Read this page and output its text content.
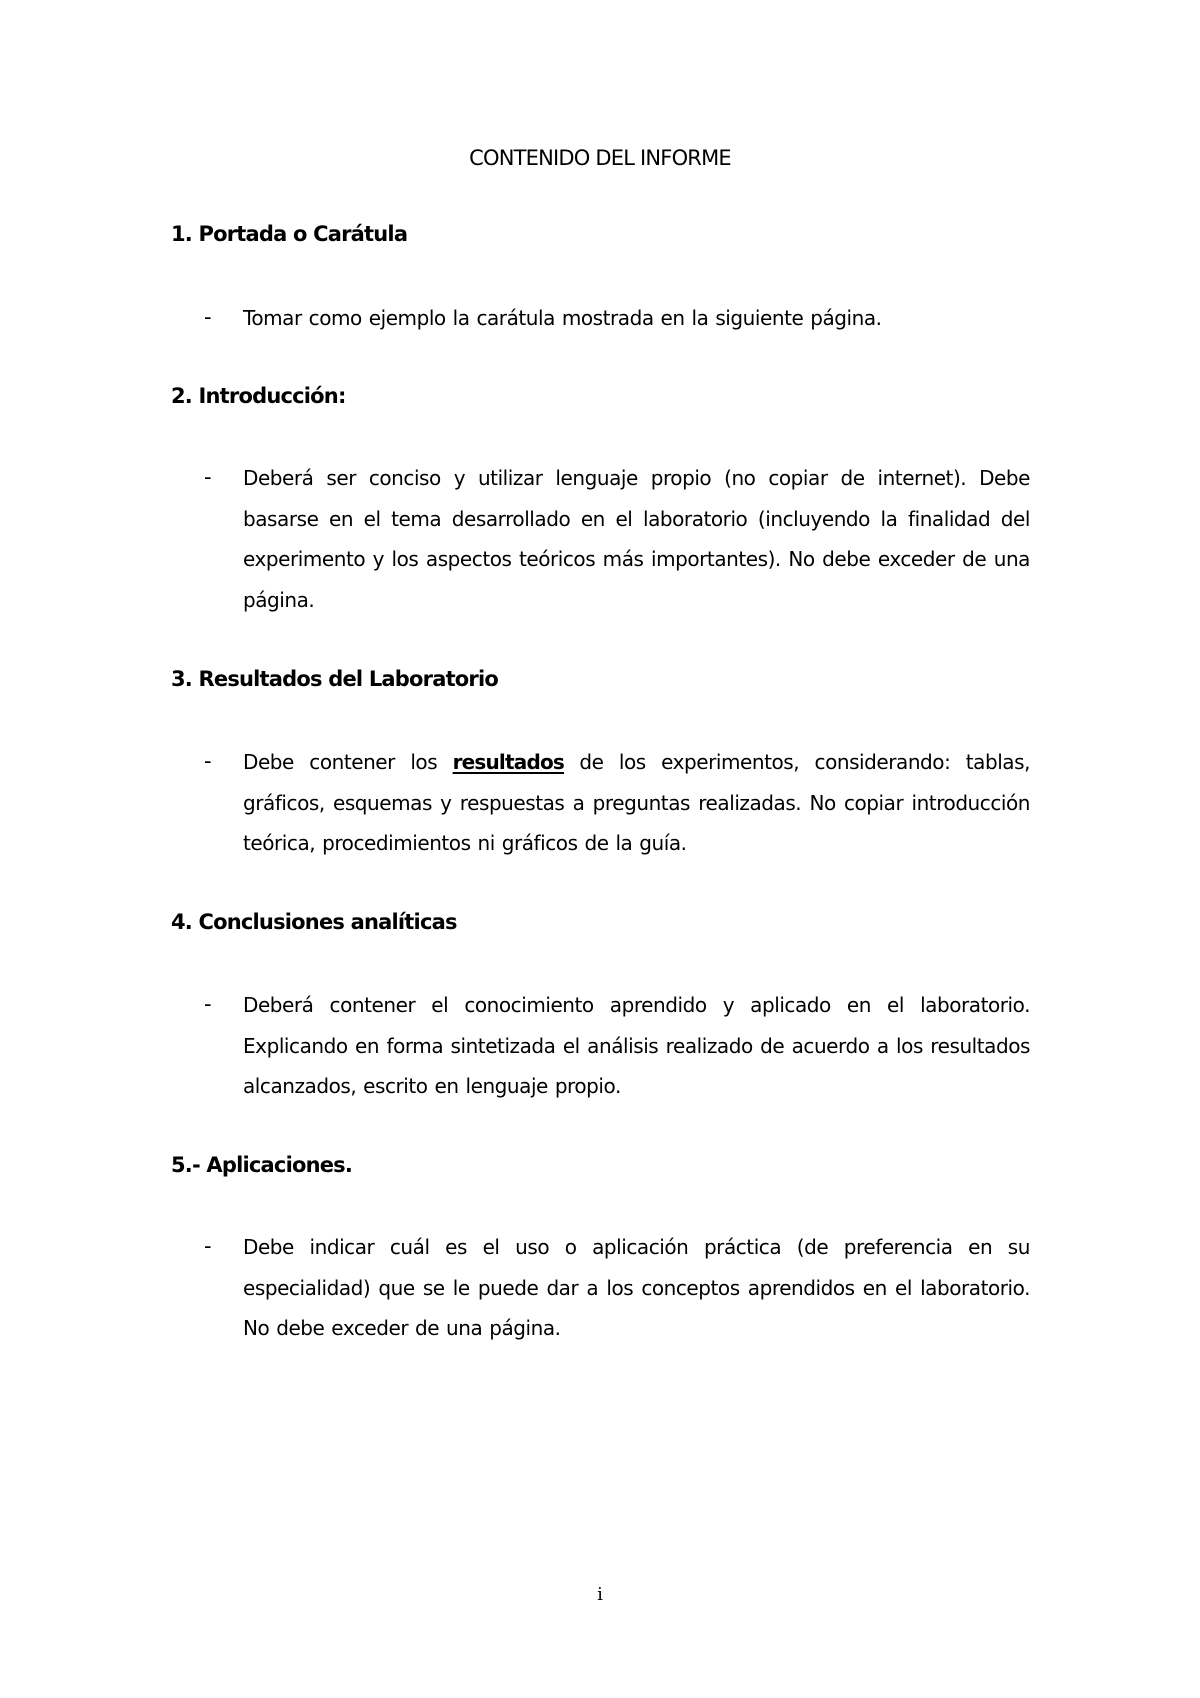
CONTENIDO DEL INFORME
1. Portada o Carátula
- Tomar como ejemplo la carátula mostrada en la siguiente página.
2. Introducción:
- Deberá ser conciso y utilizar lenguaje propio (no copiar de internet). Debe basarse en el tema desarrollado en el laboratorio (incluyendo la finalidad del experimento y los aspectos teóricos más importantes). No debe exceder de una página.
3. Resultados del Laboratorio
- Debe contener los resultados de los experimentos, considerando: tablas, gráficos, esquemas y respuestas a preguntas realizadas. No copiar introducción teórica, procedimientos ni gráficos de la guía.
4. Conclusiones analíticas
- Deberá contener el conocimiento aprendido y aplicado en el laboratorio. Explicando en forma sintetizada el análisis realizado de acuerdo a los resultados alcanzados, escrito en lenguaje propio.
5.- Aplicaciones.
- Debe indicar cuál es el uso o aplicación práctica (de preferencia en su especialidad) que se le puede dar a los conceptos aprendidos en el laboratorio. No debe exceder de una página.
i
